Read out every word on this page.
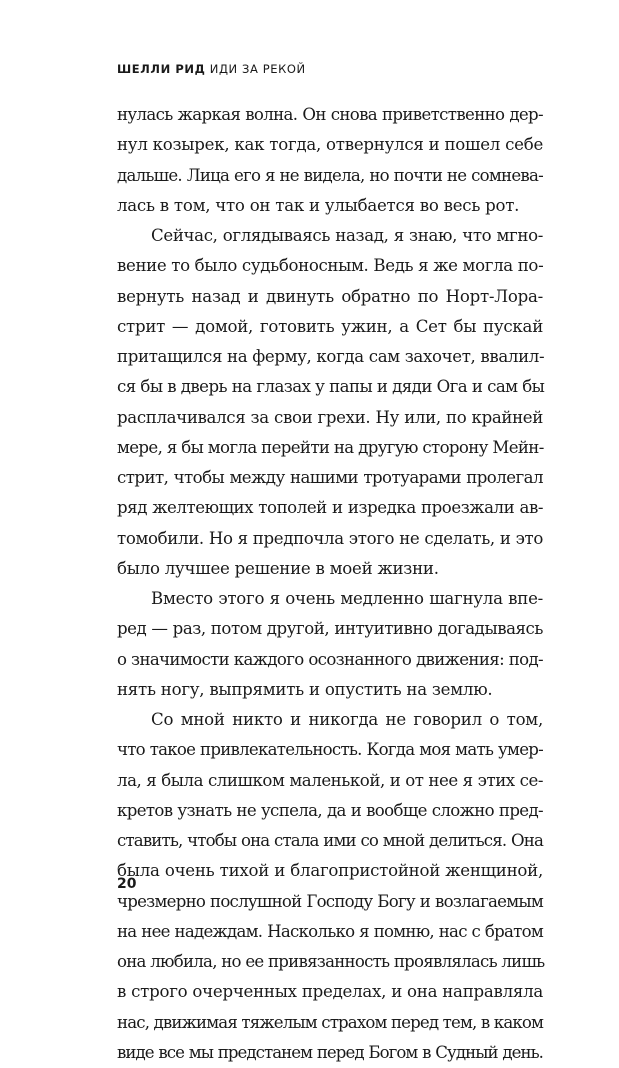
ШЕЛЛИ РИД ИДИ ЗА РЕКОЙ
нулась жаркая волна. Он снова приветственно дер-
нул козырек, как тогда, отвернулся и пошел себе
дальше. Лица его я не видела, но почти не сомнева-
лась в том, что он так и улыбается во весь рот.
Сейчас, оглядываясь назад, я знаю, что мгно-
вение то было судьбоносным. Ведь я же могла по-
вернуть назад и двинуть обратно по Норт-Лора-
стрит — домой, готовить ужин, а Сет бы пускай
притащился на ферму, когда сам захочет, ввалил-
ся бы в дверь на глазах у папы и дяди Ога и сам бы
расплачивался за свои грехи. Ну или, по крайней
мере, я бы могла перейти на другую сторону Мейн-
стрит, чтобы между нашими тротуарами пролегал
ряд желтеющих тополей и изредка проезжали ав-
томобили. Но я предпочла этого не сделать, и это
было лучшее решение в моей жизни.
Вместо этого я очень медленно шагнула впе-
ред — раз, потом другой, интуитивно догадываясь
о значимости каждого осознанного движения: под-
нять ногу, выпрямить и опустить на землю.
Со мной никто и никогда не говорил о том,
что такое привлекательность. Когда моя мать умер-
ла, я была слишком маленькой, и от нее я этих се-
кретов узнать не успела, да и вообще сложно пред-
ставить, чтобы она стала ими со мной делиться. Она
была очень тихой и благопристойной женщиной,
чрезмерно послушной Господу Богу и возлагаемым
на нее надеждам. Насколько я помню, нас с братом
она любила, но ее привязанность проявлялась лишь
в строго очерченных пределах, и она направляла
нас, движимая тяжелым страхом перед тем, в каком
виде все мы предстанем перед Богом в Судный день.
20
